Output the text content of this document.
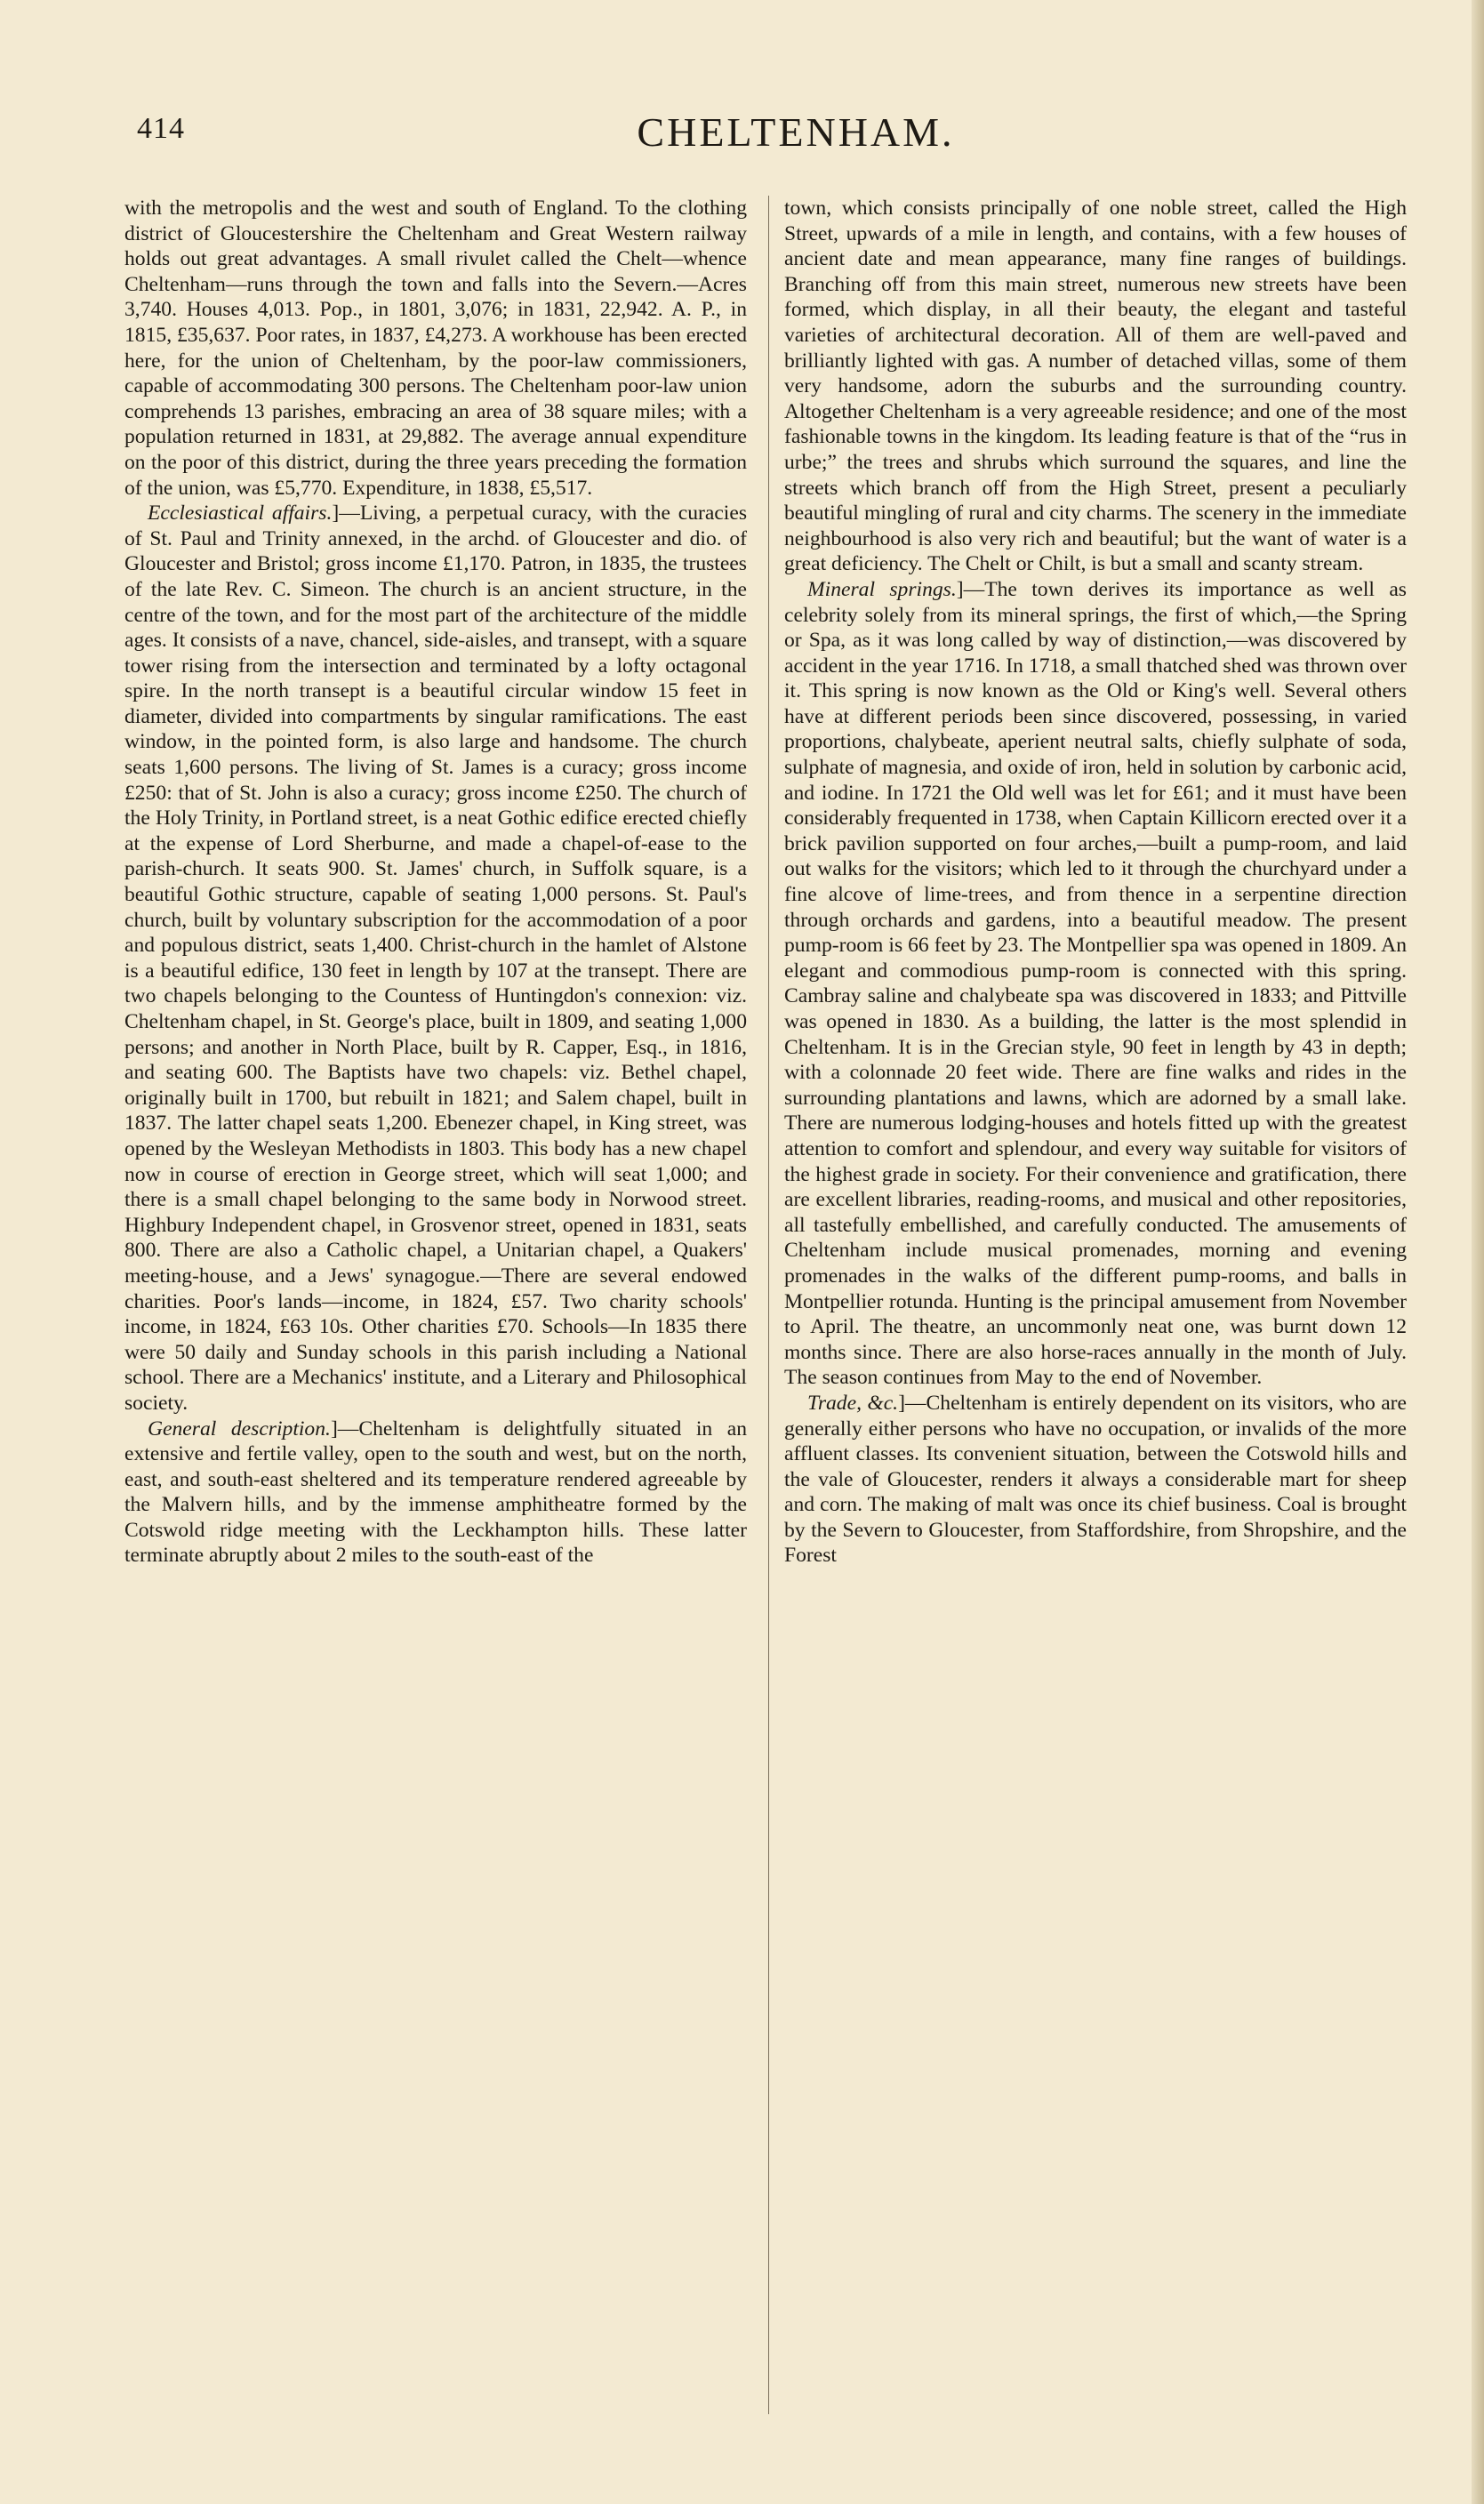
414	CHELTENHAM.

with the metropolis and the west and south of England. To the clothing district of Gloucestershire the Cheltenham and Great Western railway holds out great advantages. A small rivulet called the Chelt—whence Cheltenham—runs through the town and falls into the Severn.—Acres 3,740. Houses 4,013. Pop., in 1801, 3,076; in 1831, 22,942. A. P., in 1815, £35,637. Poor rates, in 1837, £4,273. A workhouse has been erected here, for the union of Cheltenham, by the poor-law commissioners, capable of accommodating 300 persons. The Cheltenham poor-law union comprehends 13 parishes, embracing an area of 38 square miles; with a population returned in 1831, at 29,882. The average annual expenditure on the poor of this district, during the three years preceding the formation of the union, was £5,770. Expenditure, in 1838, £5,517.

Ecclesiastical affairs.]—Living, a perpetual curacy, with the curacies of St. Paul and Trinity annexed, in the archd. of Gloucester and dio. of Gloucester and Bristol; gross income £1,170. Patron, in 1835, the trustees of the late Rev. C. Simeon. The church is an ancient structure, in the centre of the town, and for the most part of the architecture of the middle ages. It consists of a nave, chancel, side-aisles, and transept, with a square tower rising from the intersection and terminated by a lofty octagonal spire. In the north transept is a beautiful circular window 15 feet in diameter, divided into compartments by singular ramifications. The east window, in the pointed form, is also large and handsome. The church seats 1,600 persons. The living of St. James is a curacy; gross income £250: that of St. John is also a curacy; gross income £250. The church of the Holy Trinity, in Portland street, is a neat Gothic edifice erected chiefly at the expense of Lord Sherburne, and made a chapel-of-ease to the parish-church. It seats 900. St. James' church, in Suffolk square, is a beautiful Gothic structure, capable of seating 1,000 persons. St. Paul's church, built by voluntary subscription for the accommodation of a poor and populous district, seats 1,400. Christ-church in the hamlet of Alstone is a beautiful edifice, 130 feet in length by 107 at the transept. There are two chapels belonging to the Countess of Huntingdon's connexion: viz. Cheltenham chapel, in St. George's place, built in 1809, and seating 1,000 persons; and another in North Place, built by R. Capper, Esq., in 1816, and seating 600. The Baptists have two chapels: viz. Bethel chapel, originally built in 1700, but rebuilt in 1821; and Salem chapel, built in 1837. The latter chapel seats 1,200. Ebenezer chapel, in King street, was opened by the Wesleyan Methodists in 1803. This body has a new chapel now in course of erection in George street, which will seat 1,000; and there is a small chapel belonging to the same body in Norwood street. Highbury Independent chapel, in Grosvenor street, opened in 1831, seats 800. There are also a Catholic chapel, a Unitarian chapel, a Quakers' meeting-house, and a Jews' synagogue.—There are several endowed charities. Poor's lands—income, in 1824, £57. Two charity schools' income, in 1824, £63 10s. Other charities £70. Schools—In 1835 there were 50 daily and Sunday schools in this parish including a National school. There are a Mechanics' institute, and a Literary and Philosophical society.

General description.]—Cheltenham is delightfully situated in an extensive and fertile valley, open to the south and west, but on the north, east, and south-east sheltered and its temperature rendered agreeable by the Malvern hills, and by the immense amphitheatre formed by the Cotswold ridge meeting with the Leckhampton hills. These latter terminate abruptly about 2 miles to the south-east of the

town, which consists principally of one noble street, called the High Street, upwards of a mile in length, and contains, with a few houses of ancient date and mean appearance, many fine ranges of buildings. Branching off from this main street, numerous new streets have been formed, which display, in all their beauty, the elegant and tasteful varieties of architectural decoration. All of them are well-paved and brilliantly lighted with gas. A number of detached villas, some of them very handsome, adorn the suburbs and the surrounding country. Altogether Cheltenham is a very agreeable residence; and one of the most fashionable towns in the kingdom. Its leading feature is that of the “rus in urbe;” the trees and shrubs which surround the squares, and line the streets which branch off from the High Street, present a peculiarly beautiful mingling of rural and city charms. The scenery in the immediate neighbourhood is also very rich and beautiful; but the want of water is a great deficiency. The Chelt or Chilt, is but a small and scanty stream.

Mineral springs.]—The town derives its importance as well as celebrity solely from its mineral springs, the first of which,—the Spring or Spa, as it was long called by way of distinction,—was discovered by accident in the year 1716. In 1718, a small thatched shed was thrown over it. This spring is now known as the Old or King's well. Several others have at different periods been since discovered, possessing, in varied proportions, chalybeate, aperient neutral salts, chiefly sulphate of soda, sulphate of magnesia, and oxide of iron, held in solution by carbonic acid, and iodine. In 1721 the Old well was let for £61; and it must have been considerably frequented in 1738, when Captain Killicorn erected over it a brick pavilion supported on four arches,—built a pump-room, and laid out walks for the visitors; which led to it through the churchyard under a fine alcove of lime-trees, and from thence in a serpentine direction through orchards and gardens, into a beautiful meadow. The present pump-room is 66 feet by 23. The Montpellier spa was opened in 1809. An elegant and commodious pump-room is connected with this spring. Cambray saline and chalybeate spa was discovered in 1833; and Pittville was opened in 1830. As a building, the latter is the most splendid in Cheltenham. It is in the Grecian style, 90 feet in length by 43 in depth; with a colonnade 20 feet wide. There are fine walks and rides in the surrounding plantations and lawns, which are adorned by a small lake. There are numerous lodging-houses and hotels fitted up with the greatest attention to comfort and splendour, and every way suitable for visitors of the highest grade in society. For their convenience and gratification, there are excellent libraries, reading-rooms, and musical and other repositories, all tastefully embellished, and carefully conducted. The amusements of Cheltenham include musical promenades, morning and evening promenades in the walks of the different pump-rooms, and balls in Montpellier rotunda. Hunting is the principal amusement from November to April. The theatre, an uncommonly neat one, was burnt down 12 months since. There are also horse-races annually in the month of July. The season continues from May to the end of November.

Trade, &c.]—Cheltenham is entirely dependent on its visitors, who are generally either persons who have no occupation, or invalids of the more affluent classes. Its convenient situation, between the Cotswold hills and the vale of Gloucester, renders it always a considerable mart for sheep and corn. The making of malt was once its chief business. Coal is brought by the Severn to Gloucester, from Staffordshire, from Shropshire, and the Forest
